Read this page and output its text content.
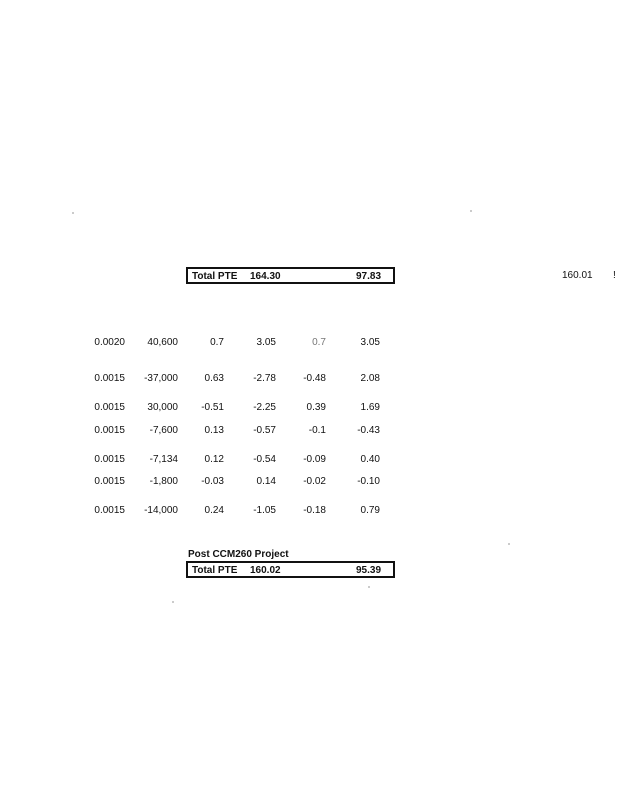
Total PTE 164.30	97.83	160.01 !
0.0020	40,600	0.7	3.05	0.7	3.05
0.0015	-37,000	0.63	-2.78	-0.48	2.08
0.0015	30,000	-0.51	-2.25	0.39	1.69
0.0015	-7,600	0.13	-0.57	-0.1	-0.43
0.0015	-7,134	0.12	-0.54	-0.09	0.40
0.0015	-1,800	-0.03	0.14	-0.02	-0.10
0.0015	-14,000	0.24	-1.05	-0.18	0.79
Post CCM260 Project
Total PTE 160.02	95.39
